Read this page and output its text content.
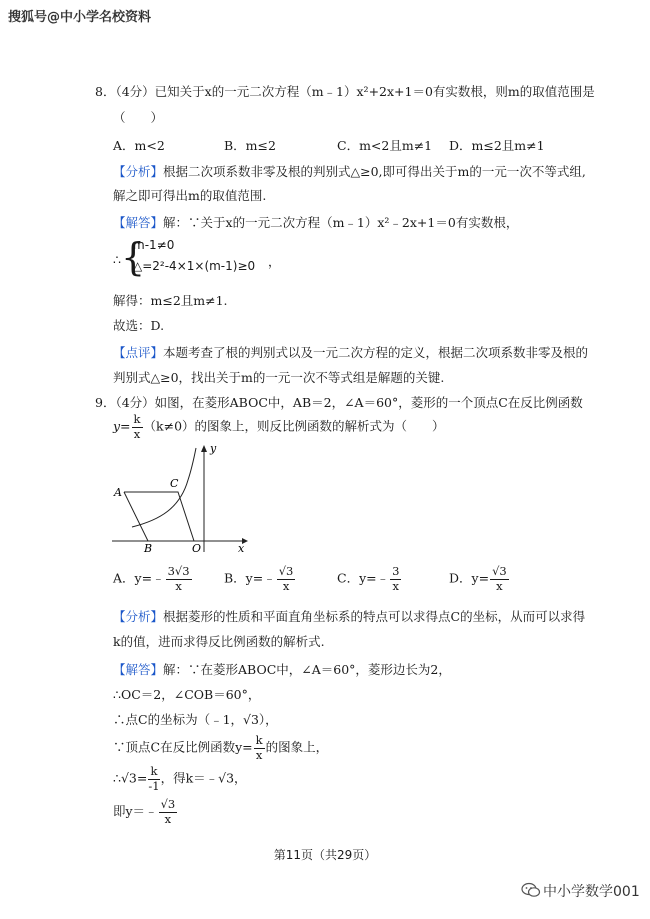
搜狐号@中小学名校资料
8．（4分）已知关于x的一元二次方程（m﹣1）x²+2x+1＝0有实数根，则m的取值范围是
（　　）
A．m<2	B．m≤2	C．m<2且m≠1 D．m≤2且m≠1
【分析】根据二次项系数非零及根的判别式△≥0,即可得出关于m的一元一次不等式组,
解之即可得出m的取值范围.
【解答】解：∵关于x的一元二次方程（m﹣1）x²﹣2x+1＝0有实数根，
∴ {
m-1≠0
△=2²-4×1×(m-1)≥0 ，
解得：m≤2且m≠1.
故选：D.
【点评】本题考查了根的判别式以及一元二次方程的定义，根据二次项系数非零及根的
判别式△≥0，找出关于m的一元一次不等式组是解题的关键.
9．（4分）如图，在菱形ABOC中，AB＝2，∠A＝60°，菱形的一个顶点C在反比例函数
$y= \frac{k}{x} (k\ne 0)$的图象上，则反比例函数的解析式为（　　）
A
C
B	O	x
y
A．y=﹣ $\frac{3√3}{x}$	B．y=﹣ $\frac{√3}{x}$	C．y=﹣ $\frac{3}{x}$	D．$y= \frac{√3}{x}$
【分析】根据菱形的性质和平面直角坐标系的特点可以求得点C的坐标，从而可以求得
k的值，进而求得反比例函数的解析式.
【解答】解：∵在菱形ABOC中，∠A＝60°，菱形边长为2，
∴OC＝2，∠COB＝60°，
∴点C的坐标为（﹣1，√3），
∵顶点C在反比例函数$y= \frac{k}{x}$ 的图象上，
∴√3= $\frac{k}{-1}$ ，得k＝﹣√3，
即y＝﹣ $\frac{√3}{x}$
第11页（共29页）
中小学数学001
